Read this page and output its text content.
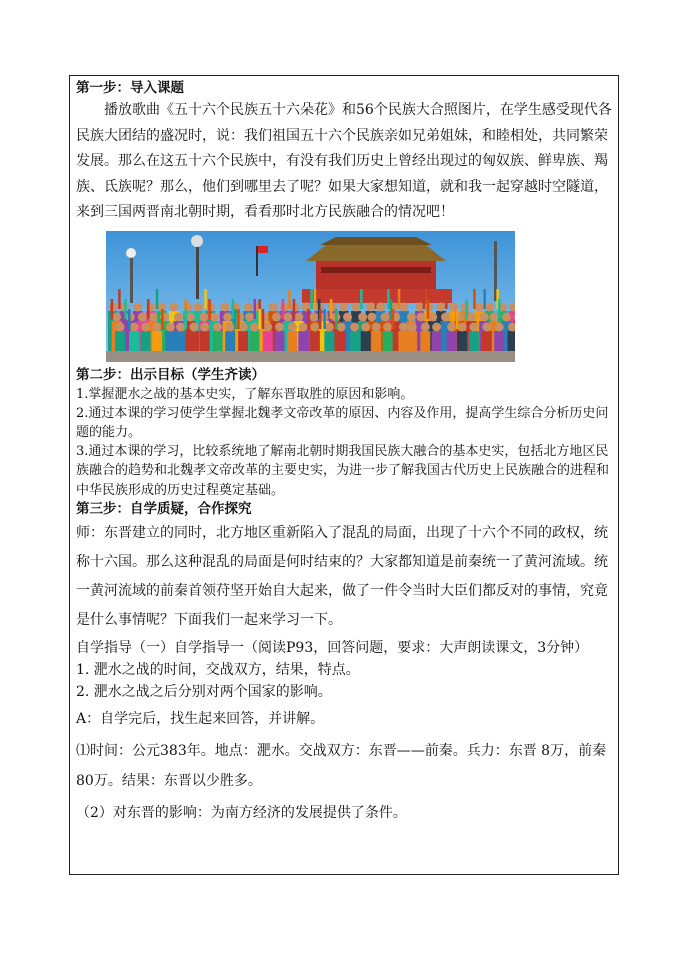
第一步：导入课题

播放歌曲《五十六个民族五十六朵花》和56个民族大合照图片，在学生感受现代各民族大团结的盛况时，说：我们祖国五十六个民族亲如兄弟姐妹，和睦相处，共同繁荣发展。那么在这五十六个民族中，有没有我们历史上曾经出现过的匈奴族、鲜卑族、羯族、氐族呢？那么，他们到哪里去了呢？如果大家想知道，就和我一起穿越时空隧道，来到三国两晋南北朝时期，看看那时北方民族融合的情况吧！

第二步：出示目标（学生齐读）

1.掌握淝水之战的基本史实，了解东晋取胜的原因和影响。

2.通过本课的学习使学生掌握北魏孝文帝改革的原因、内容及作用，提高学生综合分析历史问题的能力。

3.通过本课的学习，比较系统地了解南北朝时期我国民族大融合的基本史实，包括北方地区民族融合的趋势和北魏孝文帝改革的主要史实，为进一步了解我国古代历史上民族融合的进程和中华民族形成的历史过程奠定基础。

第三步：自学质疑，合作探究

师：东晋建立的同时，北方地区重新陷入了混乱的局面，出现了十六个不同的政权，统称十六国。那么这种混乱的局面是何时结束的？大家都知道是前秦统一了黄河流域。统一黄河流域的前秦首领苻坚开始自大起来，做了一件令当时大臣们都反对的事情，究竟是什么事情呢？下面我们一起来学习一下。

自学指导（一）自学指导一（阅读P93，回答问题，要求：大声朗读课文，3分钟）

1. 淝水之战的时间，交战双方，结果，特点。

2. 淝水之战之后分别对两个国家的影响。

A：自学完后，找生起来回答，并讲解。

⑴时间：公元383年。地点：淝水。交战双方：东晋——前秦。兵力：东晋 8万，前秦 80万。结果：东晋以少胜多。

（2）对东晋的影响：为南方经济的发展提供了条件。
